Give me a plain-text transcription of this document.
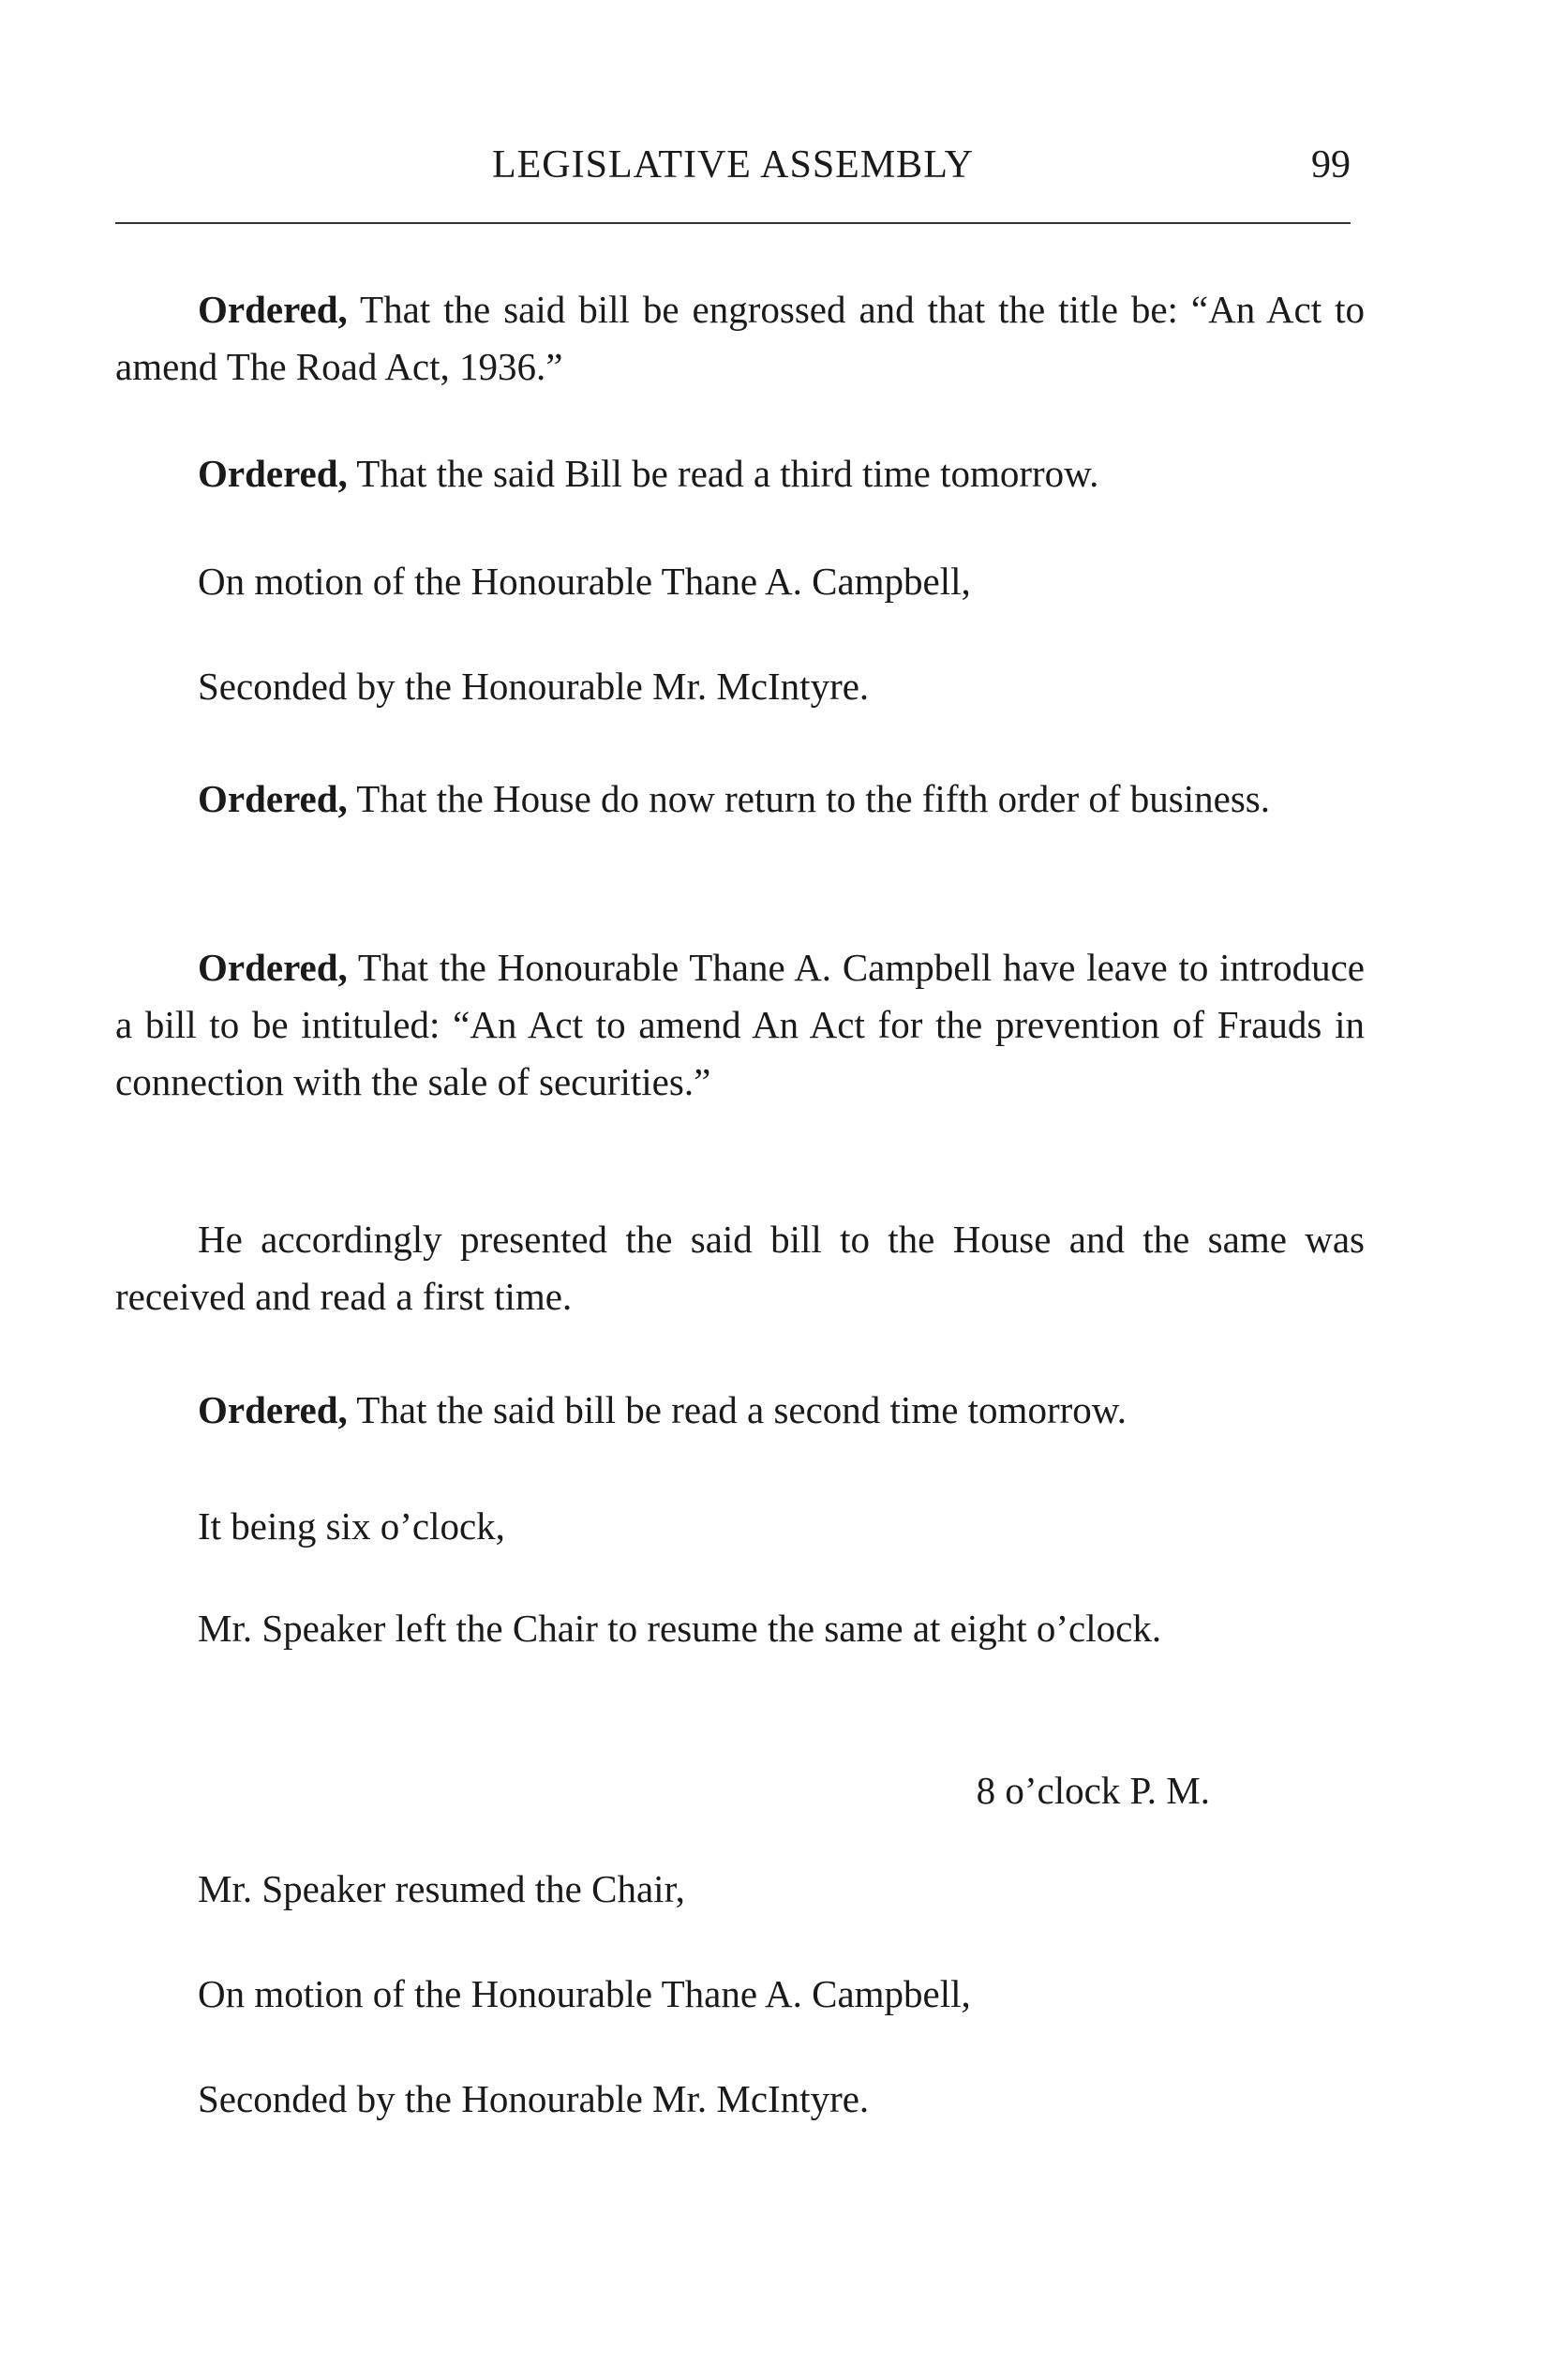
LEGISLATIVE ASSEMBLY	99

Ordered, That the said bill be engrossed and that the title be: “An Act to amend The Road Act, 1936.”

Ordered, That the said Bill be read a third time tomorrow.

On motion of the Honourable Thane A. Campbell,

Seconded by the Honourable Mr. McIntyre.

Ordered, That the House do now return to the fifth order of business.

Ordered, That the Honourable Thane A. Campbell have leave to introduce a bill to be intituled: “An Act to amend An Act for the prevention of Frauds in connection with the sale of securities.”

He accordingly presented the said bill to the House and the same was received and read a first time.

Ordered, That the said bill be read a second time tomorrow.

It being six o’clock,

Mr. Speaker left the Chair to resume the same at eight o’clock.

8 o’clock P. M.

Mr. Speaker resumed the Chair,

On motion of the Honourable Thane A. Campbell,

Seconded by the Honourable Mr. McIntyre.
